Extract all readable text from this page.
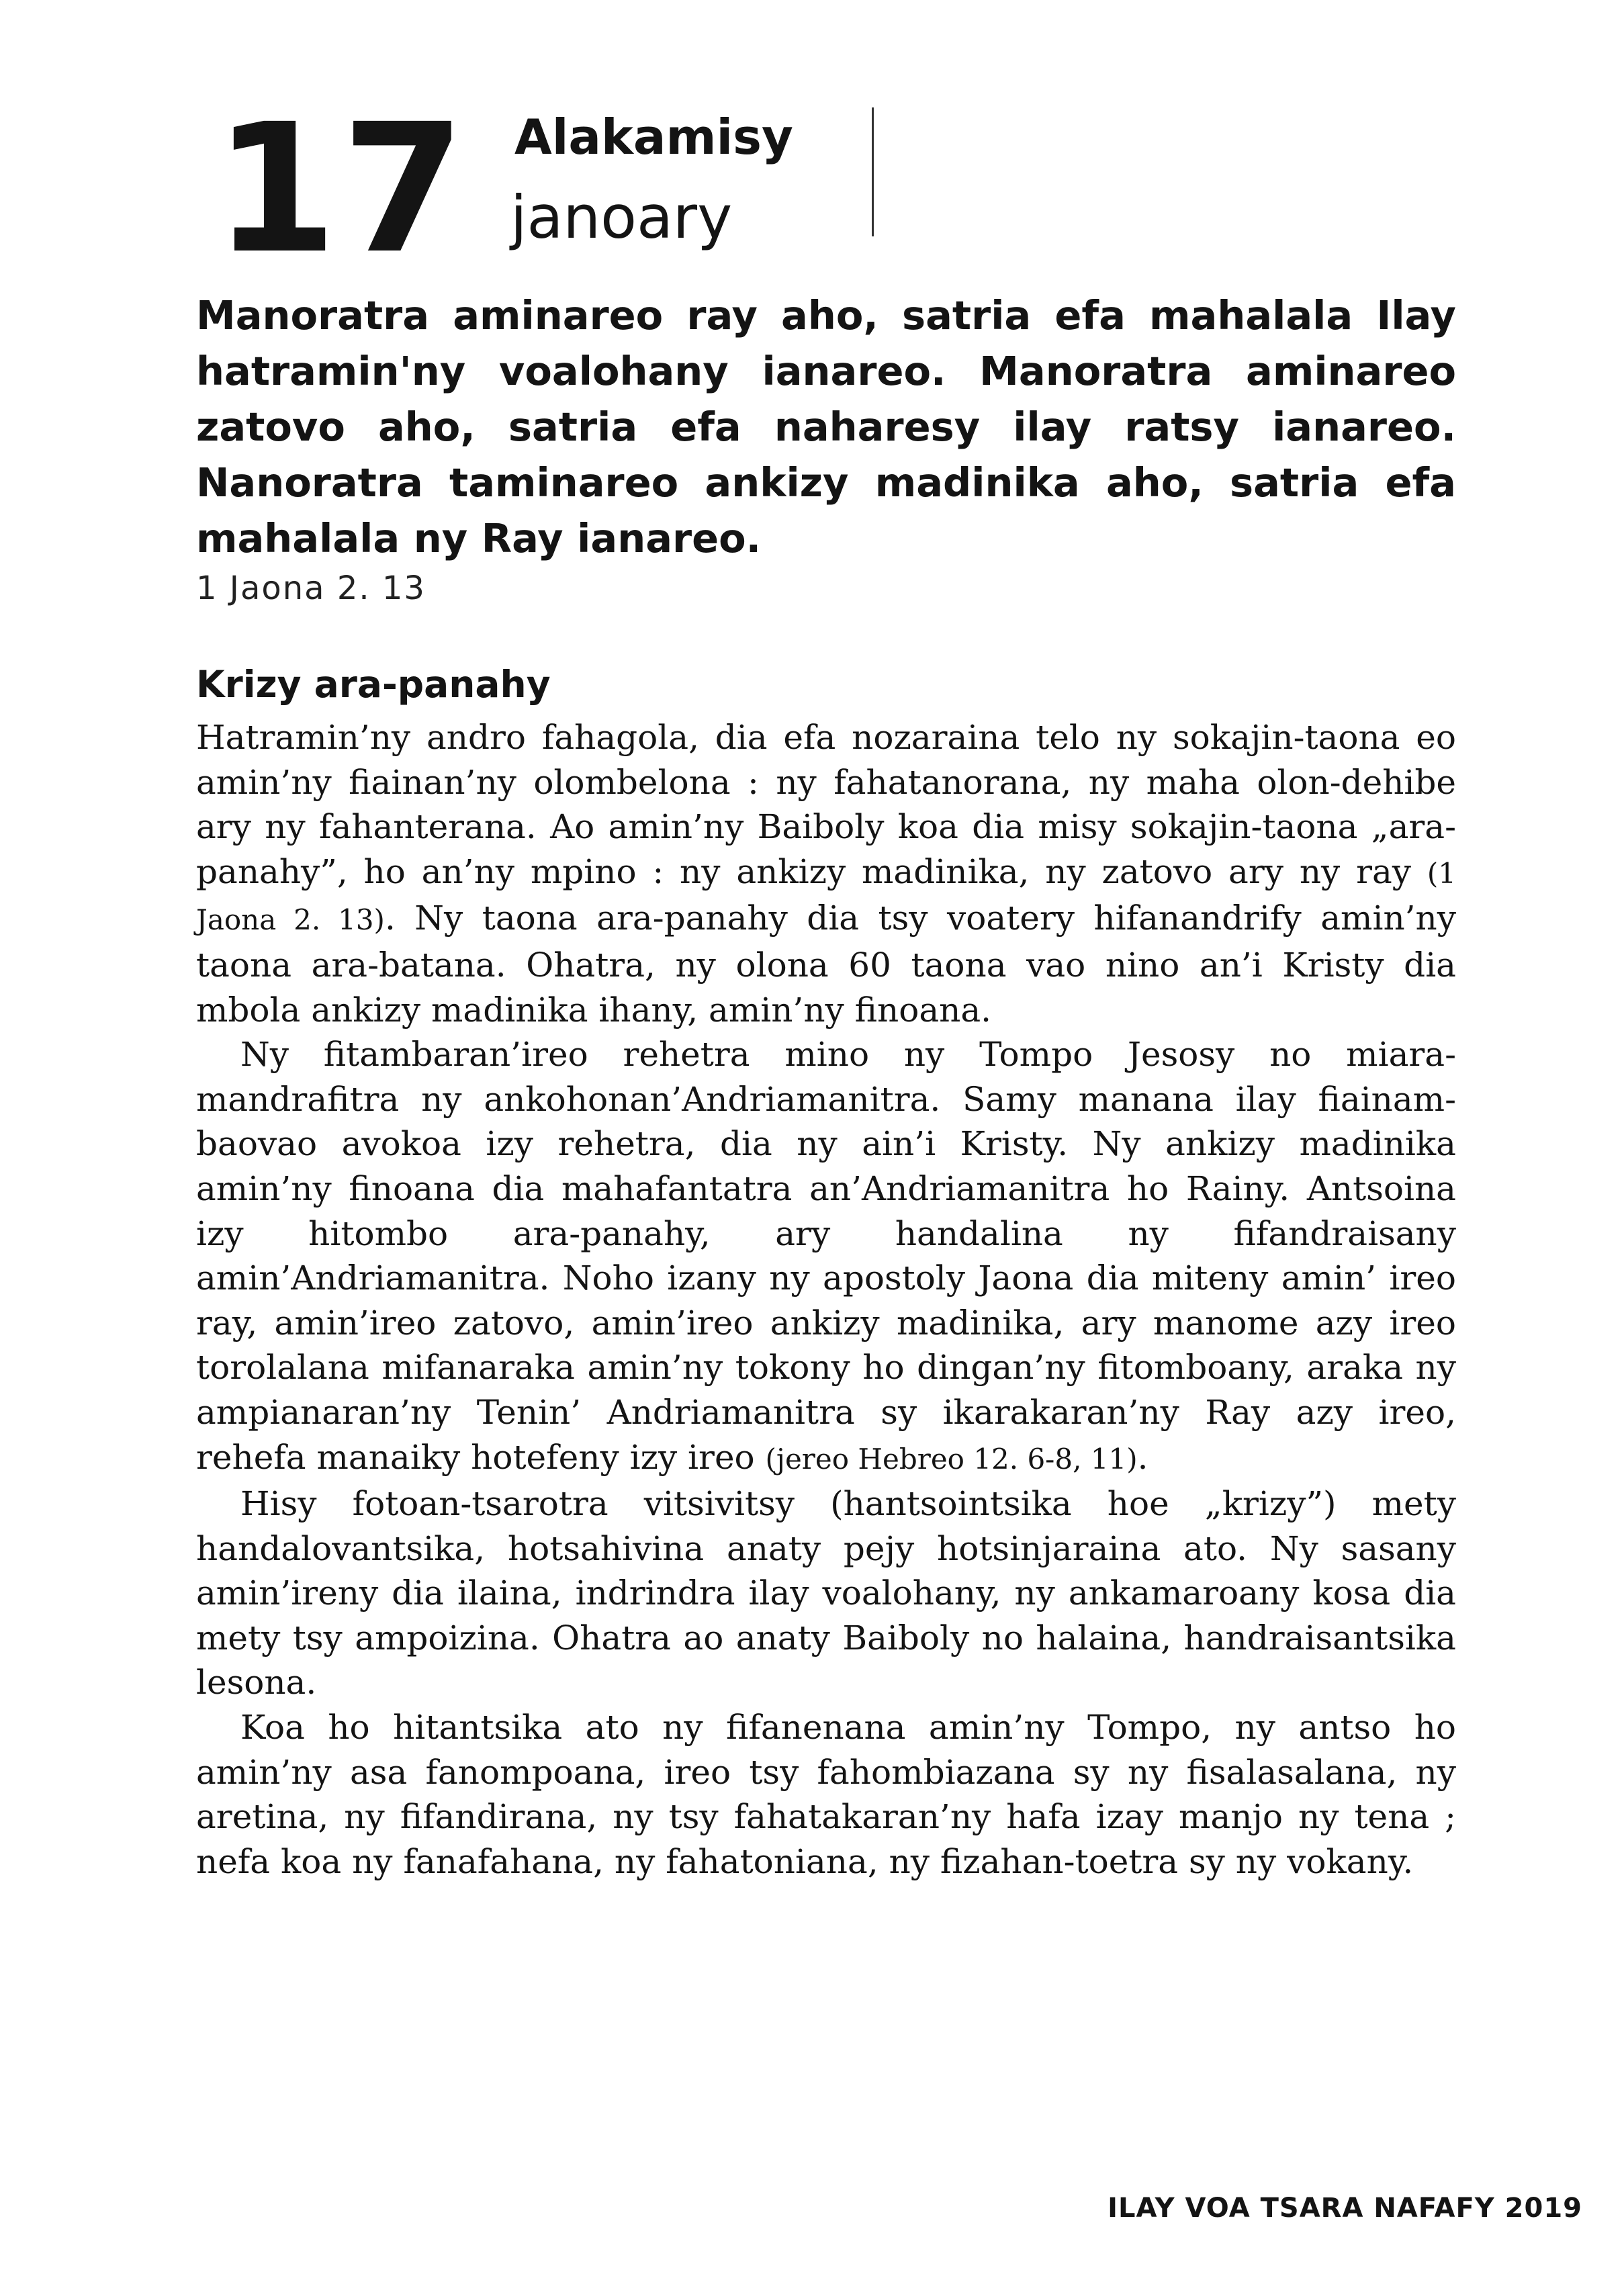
17 Alakamisy
janoary

Manoratra aminareo ray aho, satria efa mahalala Ilay hatramin'ny voalohany ianareo. Manoratra aminareo zatovo aho, satria efa naharesy ilay ratsy ianareo. Nanoratra taminareo ankizy madinika aho, satria efa mahalala ny Ray ianareo.

1 Jaona 2. 13
Krizy ara-panahy

Hatramin’ny andro fahagola, dia efa nozaraina telo ny sokajin-taona eo amin’ny fiainan’ny olombelona : ny fahatanorana, ny maha olon-dehibe ary ny fahanterana. Ao amin’ny Baiboly koa dia misy sokajin-taona „ara-panahy”, ho an’ny mpino : ny ankizy madinika, ny zatovo ary ny ray (1 Jaona 2. 13). Ny taona ara-panahy dia tsy voatery hifanandrify amin’ny taona ara-batana. Ohatra, ny olona 60 taona vao nino an’i Kristy dia mbola ankizy madinika ihany, amin’ny finoana.

Ny fitambaran’ireo rehetra mino ny Tompo Jesosy no miara-mandrafitra ny ankohonan’Andriamanitra. Samy manana ilay fiainam-baovao avokoa izy rehetra, dia ny ain’i Kristy. Ny ankizy madinika amin’ny finoana dia mahafantatra an’Andriamanitra ho Rainy. Antsoina izy hitombo ara-panahy, ary handalina ny fifandraisany amin’Andriamanitra. Noho izany ny apostoly Jaona dia miteny amin’ ireo ray, amin’ireo zatovo, amin’ireo ankizy madinika, ary manome azy ireo torolalana mifanaraka amin’ny tokony ho dingan’ny fitomboany, araka ny ampianaran’ny Tenin’ Andriamanitra sy ikarakaran’ny Ray azy ireo, rehefa manaiky hotefeny izy ireo (jereo Hebreo 12. 6-8, 11).

Hisy fotoan-tsarotra vitsivitsy (hantsointsika hoe „krizy”) mety handalovantsika, hotsahivina anaty pejy hotsinjaraina ato. Ny sasany amin’ireny dia ilaina, indrindra ilay voalohany, ny ankamaroany kosa dia mety tsy ampoizina. Ohatra ao anaty Baiboly no halaina, handraisantsika lesona.

Koa ho hitantsika ato ny fifanenana amin’ny Tompo, ny antso ho amin’ny asa fanompoana, ireo tsy fahombiazana sy ny fisalasalana, ny aretina, ny fifandirana, ny tsy fahatakaran’ny hafa izay manjo ny tena ; nefa koa ny fanafahana, ny fahatoniana, ny fizahan-toetra sy ny vokany.

ILAY VOA TSARA NAFAFY 2019
